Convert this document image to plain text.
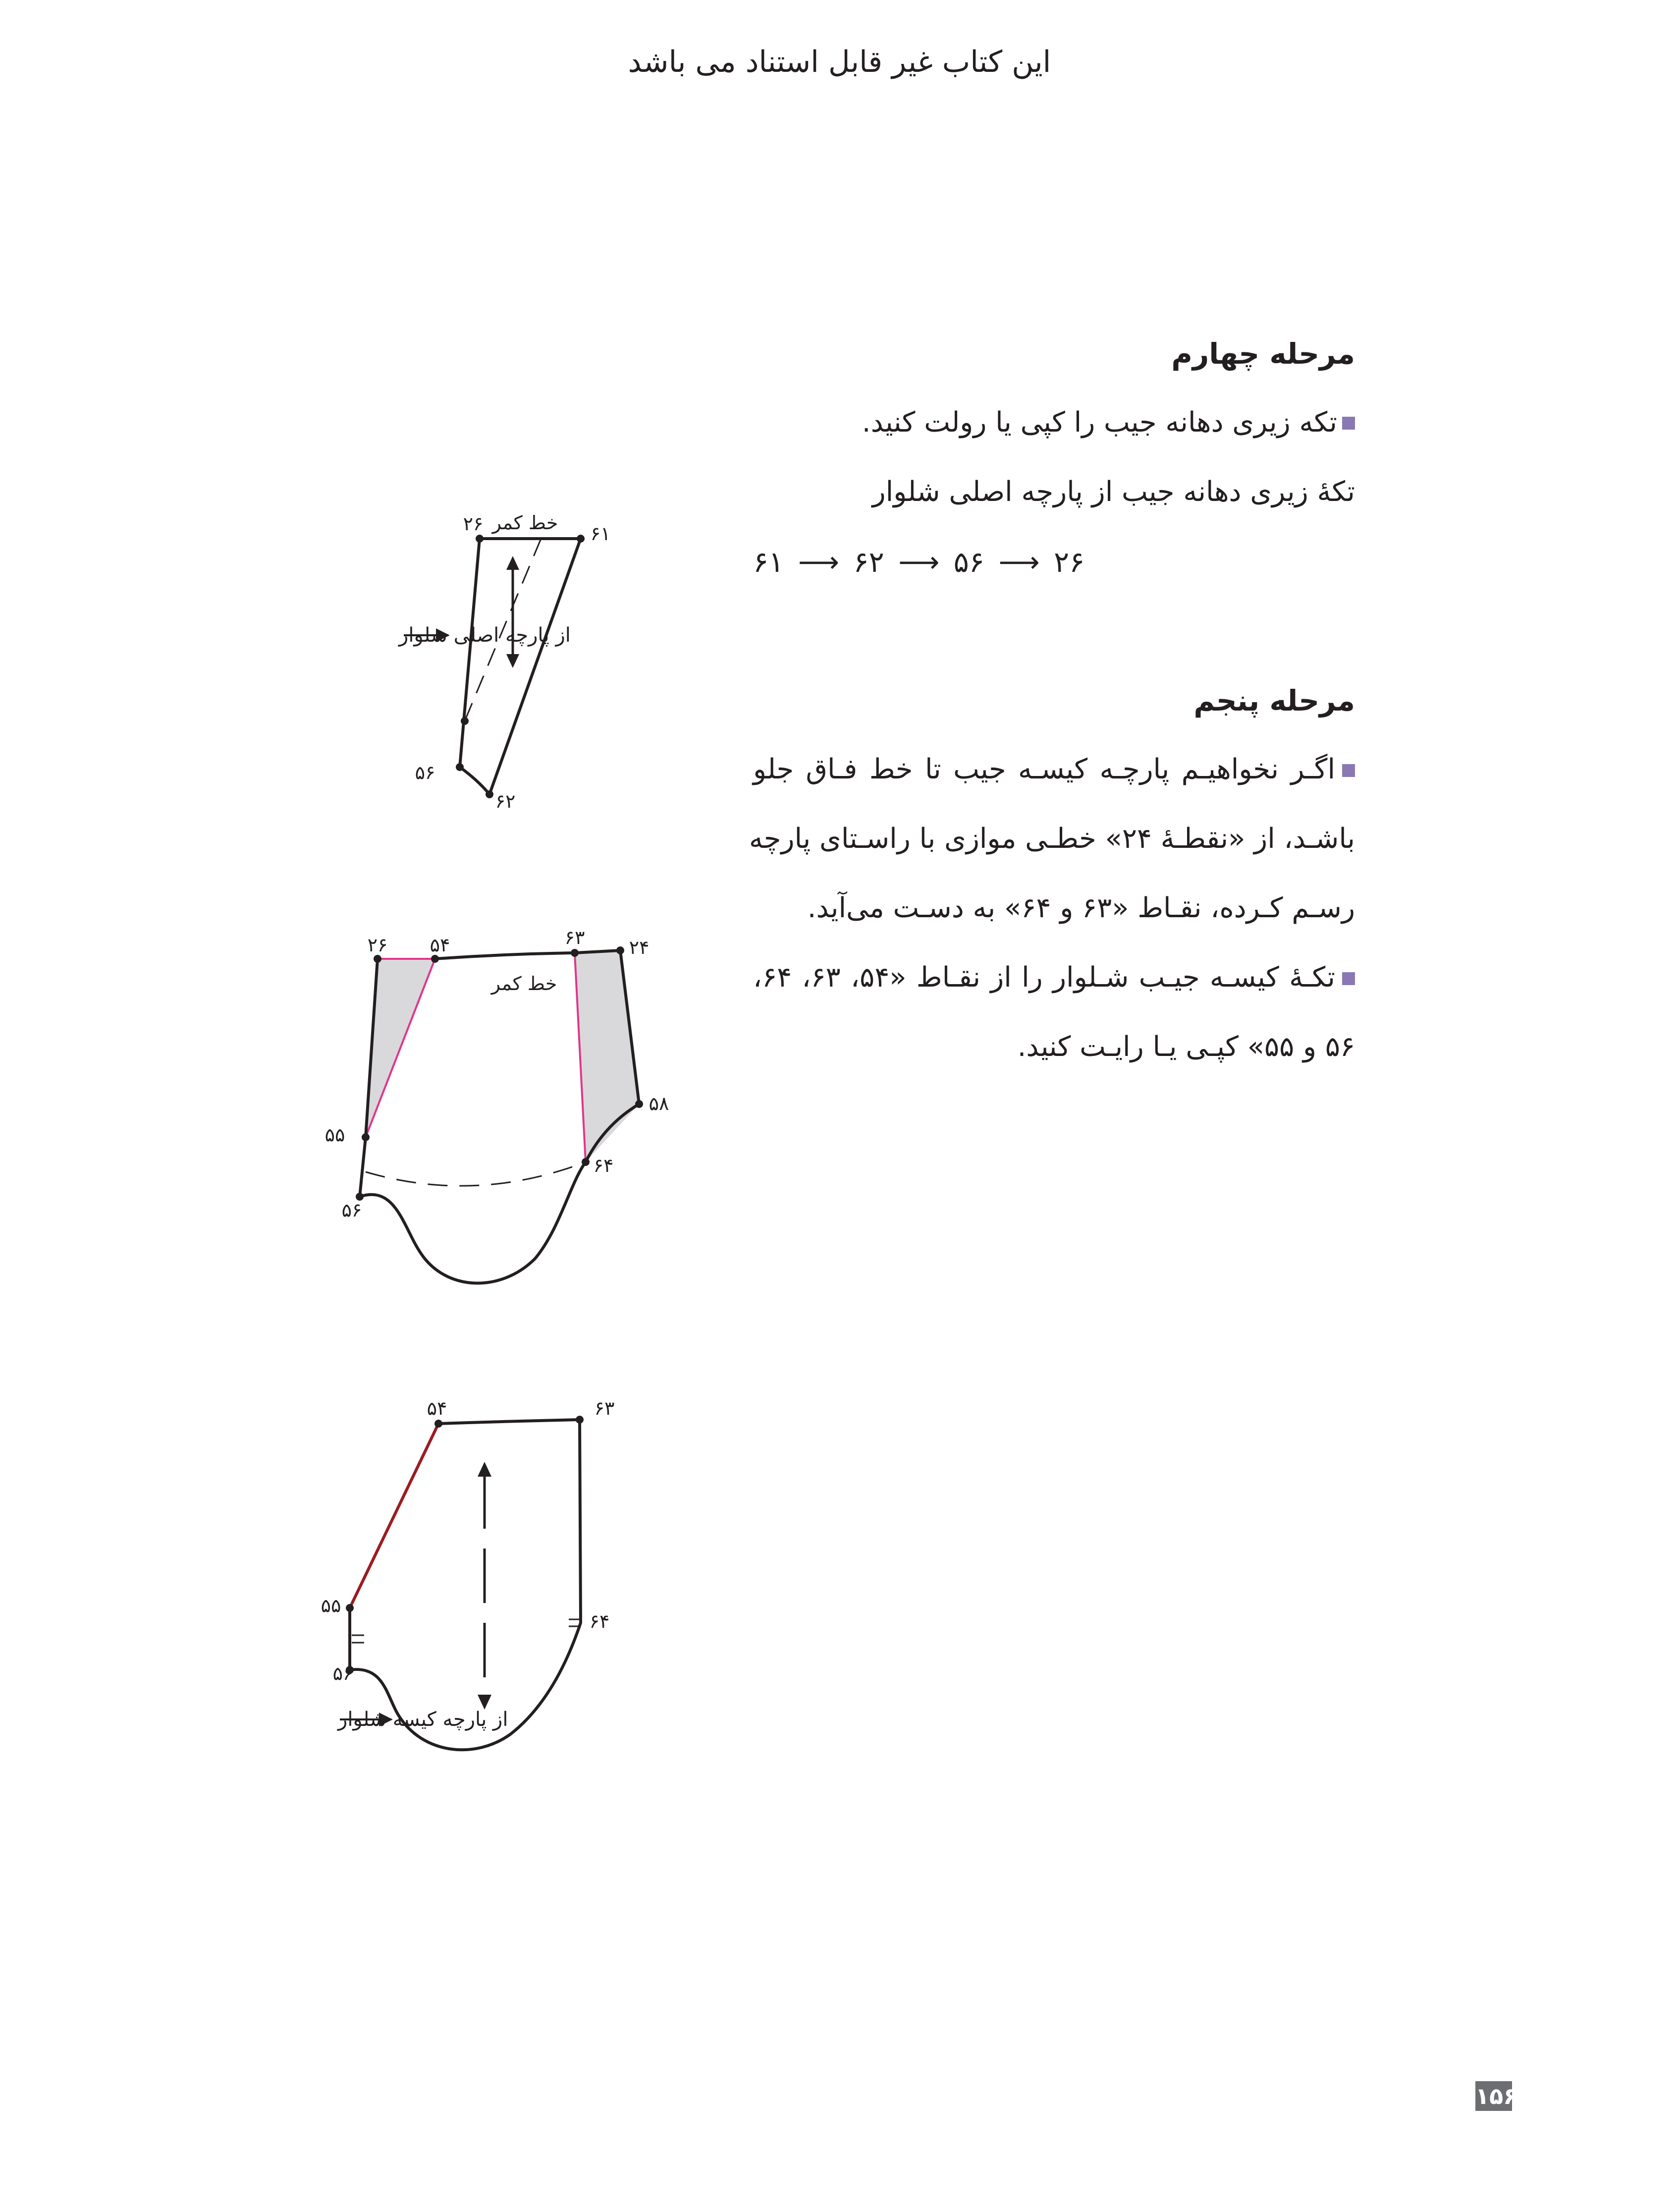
این کتاب غیر قابل استناد می باشد
مرحله چهارم
تکه زیری دهانه جیب را کپی یا رولت کنید.
تکۀ زیری دهانه جیب از پارچه اصلی شلوار
۶۱ ⟶ ۶۲ ⟶ ۵۶ ⟶ ۲۶
مرحله پنجم
اگـر نخواهیـم پارچـه کیسـه جیب تا خط فـاق جلو
باشـد، از «نقطـۀ ۲۴» خطـی موازی با راسـتای پارچه
رسـم کـرده، نقـاط «۶۳ و ۶۴» به دسـت می‌آید.
تکـۀ کیسـه جیـب شـلوار را از نقـاط «۵۴، ۶۳، ۶۴،
۵۶ و ۵۵» کپـی یـا رایـت کنید.
خط کمر
۲۶	۶۱
۵۶
۶۲
از پارچه اصلی شلوار
۲۶ ۵۴	۶۳ ۲۴
خط کمر
۵۸
۵۵
۶۴
۵۶
۵۴	۶۳
۵۵
۶۴
۵۶
از پارچه کیسه شلوار
۱۵۶
